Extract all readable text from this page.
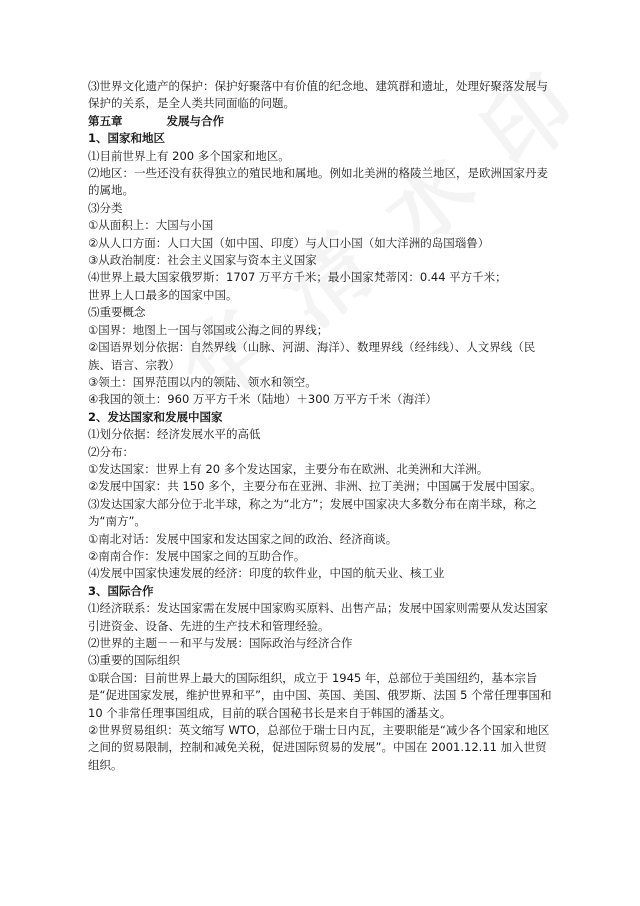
⑶世界文化遗产的保护：保护好聚落中有价值的纪念地、建筑群和遗址，处理好聚落发展与保护的关系，是全人类共同面临的问题。

第五章	发展与合作

1、国家和地区

⑴目前世界上有 200 多个国家和地区。

⑵地区：一些还没有获得独立的殖民地和属地。例如北美洲的格陵兰地区，是欧洲国家丹麦的属地。

⑶分类

①从面积上：大国与小国

②从人口方面：人口大国（如中国、印度）与人口小国（如大洋洲的岛国瑙鲁）

③从政治制度：社会主义国家与资本主义国家

⑷世界上最大国家俄罗斯：1707 万平方千米；最小国家梵蒂冈：0.44 平方千米；

世界上人口最多的国家中国。

⑸重要概念

①国界：地图上一国与邻国或公海之间的界线；

②国语界划分依据：自然界线（山脉、河湖、海洋）、数理界线（经纬线）、人文界线（民族、语言、宗教）

③领土：国界范围以内的领陆、领水和领空。

④我国的领土：960 万平方千米（陆地）＋300 万平方千米（海洋）

2、发达国家和发展中国家

⑴划分依据：经济发展水平的高低

⑵分布：

①发达国家：世界上有 20 多个发达国家，主要分布在欧洲、北美洲和大洋洲。

②发展中国家：共 150 多个，主要分布在亚洲、非洲、拉丁美洲；中国属于发展中国家。

⑶发达国家大部分位于北半球，称之为“北方”；发展中国家决大多数分布在南半球，称之为“南方”。

①南北对话：发展中国家和发达国家之间的政治、经济商谈。

②南南合作：发展中国家之间的互助合作。

⑷发展中国家快速发展的经济：印度的软件业，中国的航天业、核工业

3、国际合作

⑴经济联系：发达国家需在发展中国家购买原料、出售产品；发展中国家则需要从发达国家引进资金、设备、先进的生产技术和管理经验。

⑵世界的主题－－和平与发展：国际政治与经济合作

⑶重要的国际组织

①联合国：目前世界上最大的国际组织，成立于 1945 年，总部位于美国纽约，基本宗旨是“促进国家发展，维护世界和平”，由中国、英国、美国、俄罗斯、法国 5 个常任理事国和 10 个非常任理事国组成，目前的联合国秘书长是来自于韩国的潘基文。

②世界贸易组织：英文缩写 WTO，总部位于瑞士日内瓦，主要职能是“减少各个国家和地区之间的贸易限制，控制和减免关税，促进国际贸易的发展”。中国在 2001.12.11 加入世贸组织。
